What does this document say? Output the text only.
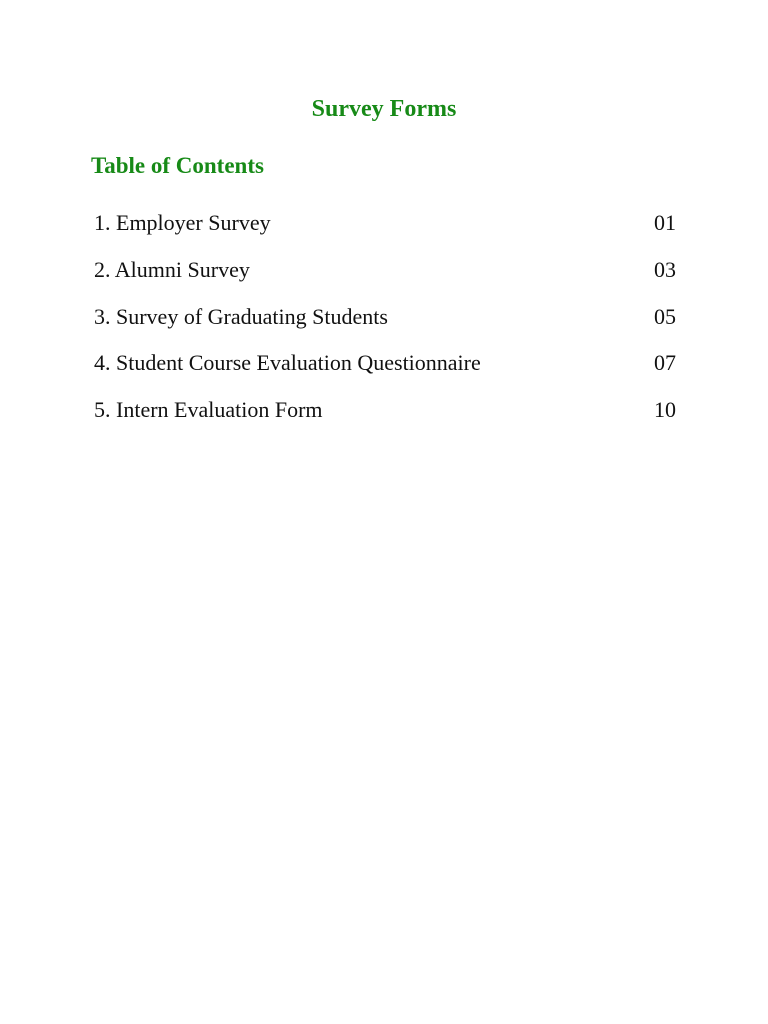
Survey Forms
Table of Contents
1. Employer Survey	01
2. Alumni Survey	03
3. Survey of Graduating Students	05
4. Student Course Evaluation Questionnaire	07
5. Intern Evaluation Form	10
